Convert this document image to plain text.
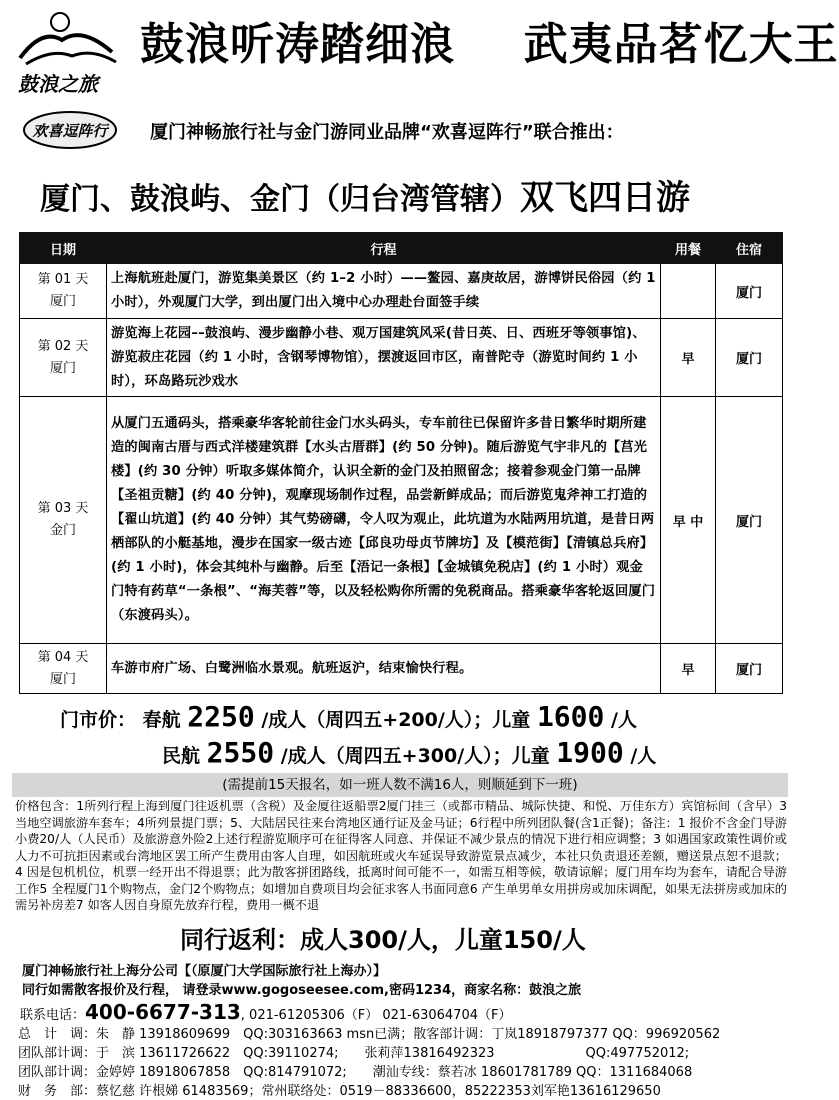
鼓浪之旅
欢喜逗阵行
鼓浪听涛踏细浪 武夷品茗忆大王
厦门神畅旅行社与金门游同业品牌“欢喜逗阵行”联合推出：
厦门、鼓浪屿、金门（归台湾管辖）双飞四日游
日期	行程	用餐	住宿

第 01 天
厦门	上海航班赴厦门，游览集美景区（约 1–2 小时）——鳌园、嘉庚故居，游博饼民俗园（约 1 小时），外观厦门大学，到出厦门出入境中心办理赴台面签手续		厦门

第 02 天
厦门	游览海上花园––鼓浪屿、漫步幽静小巷、观万国建筑风采(昔日英、日、西班牙等领事馆)、游览菽庄花园（约 1 小时，含钢琴博物馆），摆渡返回市区，南普陀寺（游览时间约 1 小时），环岛路玩沙戏水	早	厦门

第 03 天
金门	从厦门五通码头，搭乘豪华客轮前往金门水头码头，专车前往已保留许多昔日繁华时期所建造的闽南古厝与西式洋楼建筑群【水头古厝群】(约 50 分钟)。随后游览气宇非凡的【莒光楼】(约 30 分钟）听取多媒体简介，认识全新的金门及拍照留念；接着参观金门第一品牌【圣祖贡糖】(约 40 分钟)，观摩现场制作过程，品尝新鲜成品；而后游览鬼斧神工打造的【翟山坑道】(约 40 分钟）其气势磅礴，令人叹为观止，此坑道为水陆两用坑道，是昔日两栖部队的小艇基地，漫步在国家一级古迹【邱良功母贞节牌坊】及【模范街】【清镇总兵府】(约 1 小时)，体会其纯朴与幽静。后至【浯记一条根】【金城镇免税店】(约 1 小时）观金门特有药草“一条根”、“海芙蓉”等，以及轻松购你所需的免税商品。搭乘豪华客轮返回厦门（东渡码头）。	早 中	厦门

第 04 天
厦门	车游市府广场、白鹭洲临水景观。航班返沪，结束愉快行程。	早	厦门
门市价： 春航 2250 /成人（周四五+200/人）；儿童 1600 /人
民航 2550 /成人（周四五+300/人）；儿童 1900 /人
(需提前15天报名，如一班人数不满16人，则顺延到下一班)
价格包含：1所列行程上海到厦门往返机票（含税）及金厦往返船票2厦门挂三（或都市精品、城际快捷、和悦、万佳东方）宾馆标间（含早）3当地空调旅游车套车；4所列景提门票；5、大陆居民往来台湾地区通行证及金马证；6行程中所列团队餐(含1正餐)；备注：1 报价不含金门导游小费20/人（人民币）及旅游意外险2上述行程游览顺序可在征得客人同意、并保证不减少景点的情况下进行相应调整；3 如遇国家政策性调价或人力不可抗拒因素或台湾地区罢工所产生费用由客人自理，如因航班或火车延误导致游览景点减少，本社只负责退还差额，赠送景点恕不退款；4 因是包机机位，机票一经开出不得退票；此为散客拼团路线，抵离时间可能不一，如需互相等候，敬请谅解；厦门用车均为套车，请配合导游工作5 全程厦门1个购物点，金门2个购物点；如增加自费项目均会征求客人书面同意6 产生单男单女用拼房或加床调配，如果无法拼房或加床的需另补房差7 如客人因自身原先放弃行程，费用一概不退
同行返利：成人300/人，儿童150/人
厦门神畅旅行社上海分公司【（原厦门大学国际旅行社上海办）】
同行如需散客报价及行程， 请登录www.gogoseesee.com,密码1234，商家名称：鼓浪之旅
联系电话：400-6677-313, 021-61205306（F） 021-63064704（F）
总　计　调：朱　静 13918609699　QQ:303163663 msn已满；散客部计调：丁岚18918797377 QQ：996920562
团队部计调：于　滨 13611726622　QQ:39110274;　　 张莉萍13816492323　　　　　　　QQ:497752012;
团队部计调：金婷婷 18918067858　QQ:814791072;　　 潮汕专线：蔡若冰 18601781789 QQ：1311684068
财　务　部：蔡忆慈 许根娣 61483569；常州联络处：0519－88336600，85222353刘军艳13616129650
